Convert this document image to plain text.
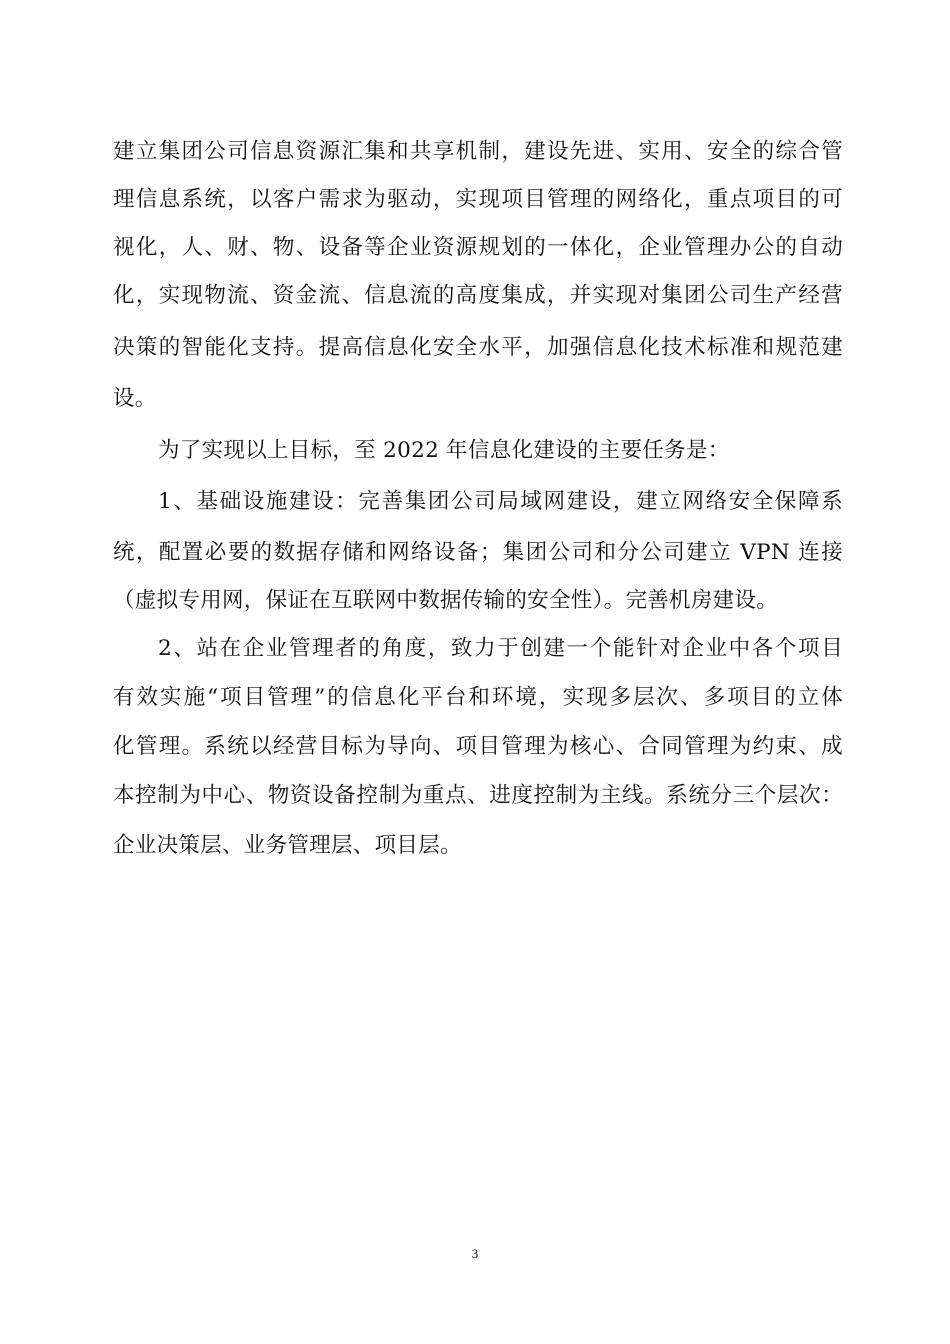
建立集团公司信息资源汇集和共享机制，建设先进、实用、安全的综合管
理信息系统，以客户需求为驱动，实现项目管理的网络化，重点项目的可
视化，人、财、物、设备等企业资源规划的一体化，企业管理办公的自动
化，实现物流、资金流、信息流的高度集成，并实现对集团公司生产经营
决策的智能化支持。提高信息化安全水平，加强信息化技术标准和规范建
设。
为了实现以上目标，至 2022 年信息化建设的主要任务是：
1、基础设施建设：完善集团公司局域网建设，建立网络安全保障系
统，配置必要的数据存储和网络设备；集团公司和分公司建立 VPN 连接
（虚拟专用网，保证在互联网中数据传输的安全性）。完善机房建设。
2、站在企业管理者的角度，致力于创建一个能针对企业中各个项目
有效实施“项目管理”的信息化平台和环境，实现多层次、多项目的立体
化管理。系统以经营目标为导向、项目管理为核心、合同管理为约束、成
本控制为中心、物资设备控制为重点、进度控制为主线。系统分三个层次：
企业决策层、业务管理层、项目层。
3
